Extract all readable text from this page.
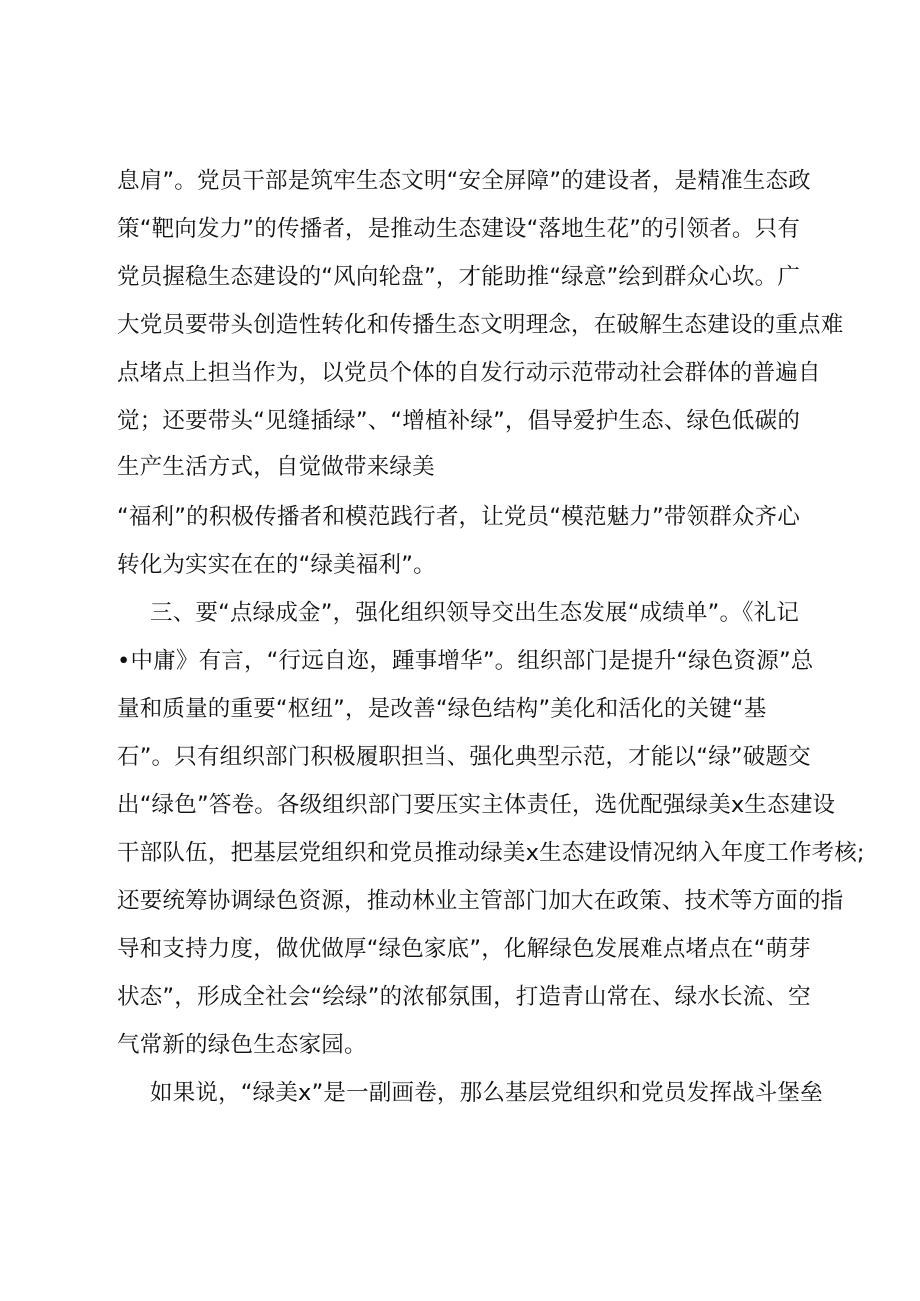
息肩”。党员干部是筑牢生态文明“安全屏障”的建设者，是精准生态政
策“靶向发力”的传播者，是推动生态建设“落地生花”的引领者。只有
党员握稳生态建设的“风向轮盘”，才能助推“绿意”绘到群众心坎。广
大党员要带头创造性转化和传播生态文明理念，在破解生态建设的重点难
点堵点上担当作为，以党员个体的自发行动示范带动社会群体的普遍自
觉；还要带头“见缝插绿”、“增植补绿”，倡导爱护生态、绿色低碳的
生产生活方式，自觉做带来绿美
“福利”的积极传播者和模范践行者，让党员“模范魅力”带领群众齐心
转化为实实在在的“绿美福利”。
三、要“点绿成金”，强化组织领导交出生态发展“成绩单”。《礼记
•中庸》有言，“行远自迩，踵事增华”。组织部门是提升“绿色资源”总
量和质量的重要“枢纽”，是改善“绿色结构”美化和活化的关键“基
石”。只有组织部门积极履职担当、强化典型示范，才能以“绿”破题交
出“绿色”答卷。各级组织部门要压实主体责任，选优配强绿美x生态建设
干部队伍，把基层党组织和党员推动绿美x生态建设情况纳入年度工作考核;
还要统筹协调绿色资源，推动林业主管部门加大在政策、技术等方面的指
导和支持力度，做优做厚“绿色家底”，化解绿色发展难点堵点在“萌芽
状态”，形成全社会“绘绿”的浓郁氛围，打造青山常在、绿水长流、空
气常新的绿色生态家园。
如果说，“绿美x”是一副画卷，那么基层党组织和党员发挥战斗堡垒
